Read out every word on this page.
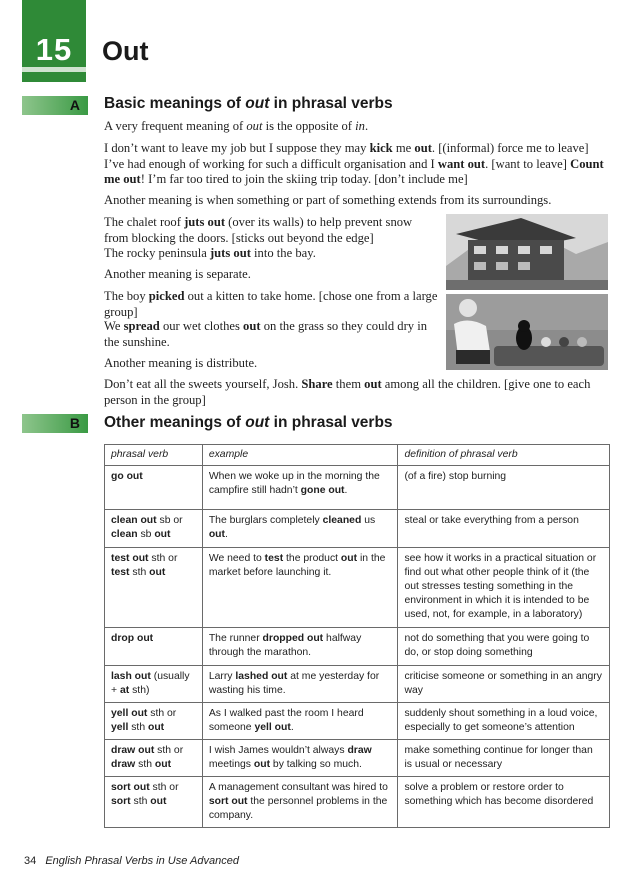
15	Out
A Basic meanings of out in phrasal verbs
A very frequent meaning of out is the opposite of in.
I don’t want to leave my job but I suppose they may kick me out. [(informal) force me to leave] I’ve had enough of working for such a difficult organisation and I want out. [want to leave] Count me out! I’m far too tired to join the skiing trip today. [don’t include me]
Another meaning is when something or part of something extends from its surroundings.
The chalet roof juts out (over its walls) to help prevent snow from blocking the doors. [sticks out beyond the edge]
The rocky peninsula juts out into the bay.
Another meaning is separate.
The boy picked out a kitten to take home. [chose one from a large group]
We spread our wet clothes out on the grass so they could dry in the sunshine.
Another meaning is distribute.
Don’t eat all the sweets yourself, Josh. Share them out among all the children. [give one to each person in the group]
B Other meanings of out in phrasal verbs
phrasal verb	example	definition of phrasal verb
go out	When we woke up in the morning the campfire still hadn’t gone out.	(of a fire) stop burning
clean out sb or clean sb out	The burglars completely cleaned us out.	steal or take everything from a person
test out sth or test sth out	We need to test the product out in the market before launching it.	see how it works in a practical situation or find out what other people think of it (the out stresses testing something in the environment in which it is intended to be used, not, for example, in a laboratory)
drop out	The runner dropped out halfway through the marathon.	not do something that you were going to do, or stop doing something
lash out (usually + at sth)	Larry lashed out at me yesterday for wasting his time.	criticise someone or something in an angry way
yell out sth or yell sth out	As I walked past the room I heard someone yell out.	suddenly shout something in a loud voice, especially to get someone’s attention
draw out sth or draw sth out	I wish James wouldn’t always draw meetings out by talking so much.	make something continue for longer than is usual or necessary
sort out sth or sort sth out	A management consultant was hired to sort out the personnel problems in the company.	solve a problem or restore order to something which has become disordered
34 English Phrasal Verbs in Use Advanced
